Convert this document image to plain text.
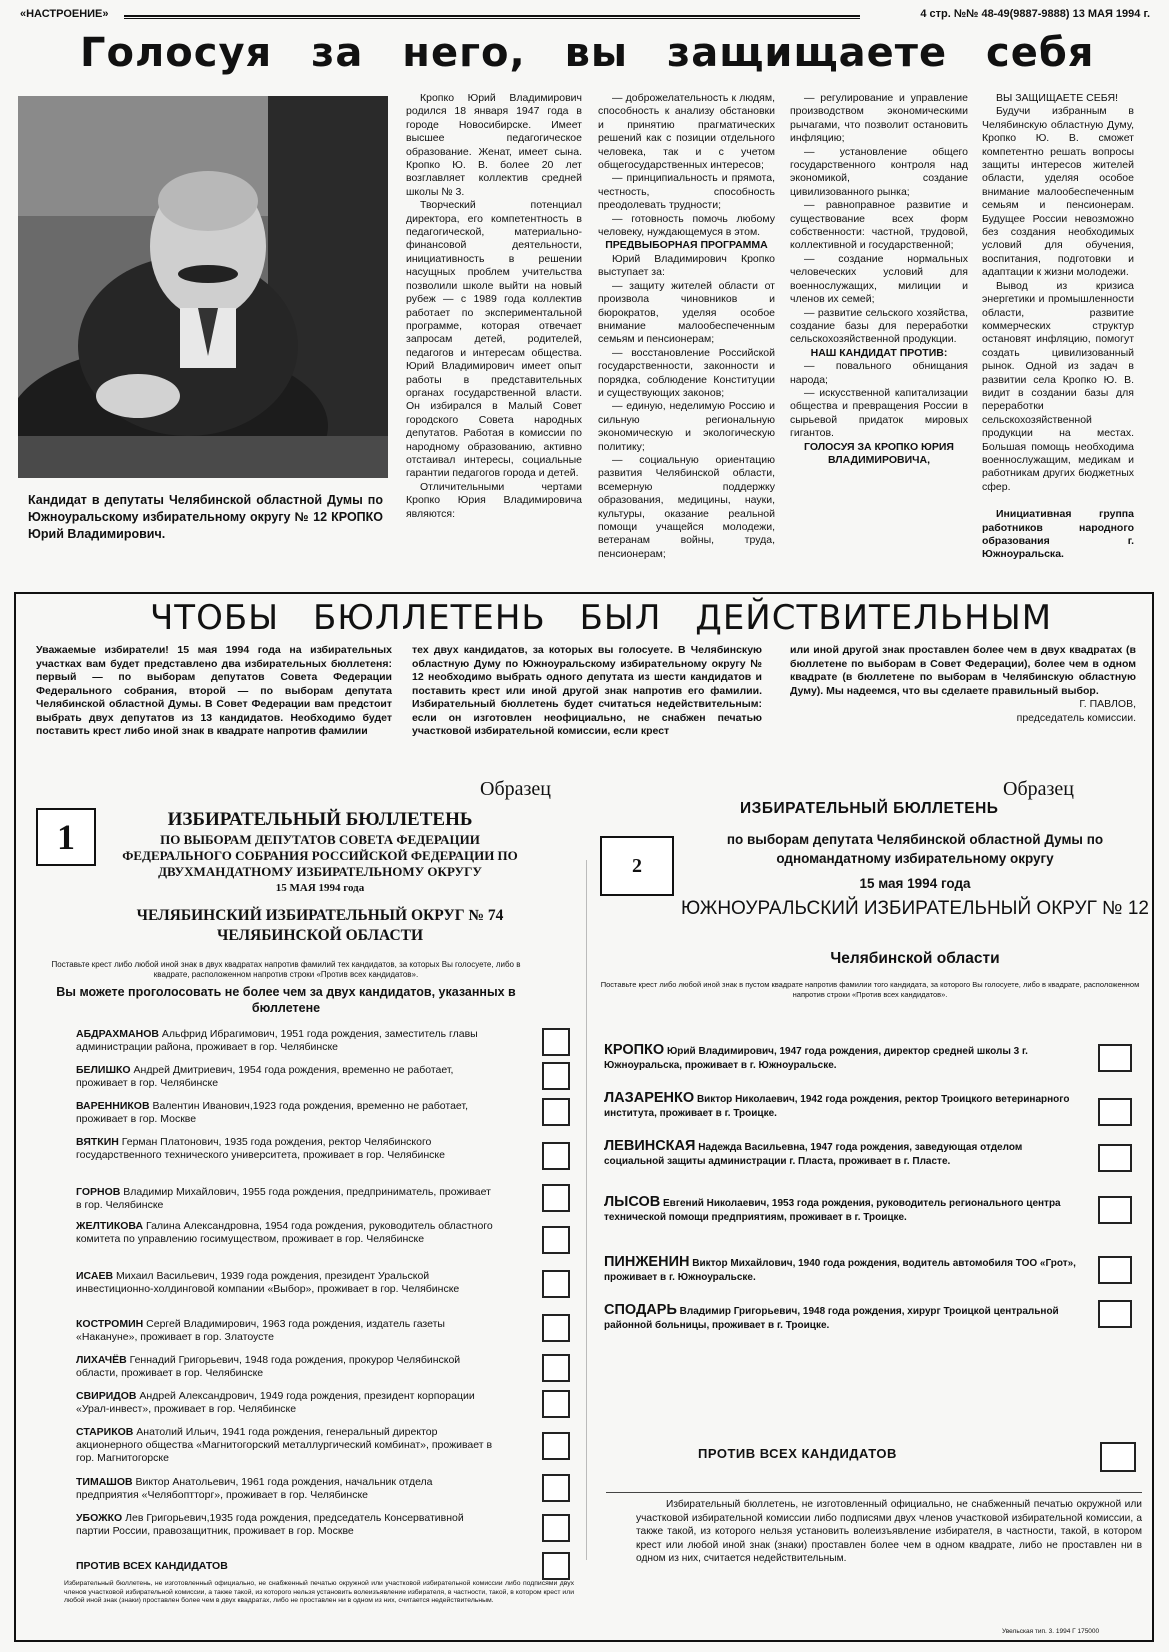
«НАСТРОЕНИЕ»	4 стр. №№ 48-49(9887-9888) 13 МАЯ 1994 г.
Голосуя за него, вы защищаете себя
Кандидат в депутаты Челябинской областной Думы по Южноуральскому избирательному округу № 12 КРОПКО Юрий Владимирович.

Кропко Юрий Владимирович родился 18 января 1947 года в городе Новосибирске. Имеет высшее педагогическое образование. Женат, имеет сына. Кропко Ю. В. более 20 лет возглавляет коллектив средней школы № 3.

Творческий потенциал директора, его компетентность в педагогической, материально-финансовой деятельности, инициативность в решении насущных проблем учительства позволили школе выйти на новый рубеж — с 1989 года коллектив работает по экспериментальной программе, которая отвечает запросам детей, родителей, педагогов и интересам общества. Юрий Владимирович имеет опыт работы в представительных органах государственной власти. Он избирался в Малый Совет городского Совета народных депутатов. Работая в комиссии по народному образованию, активно отстаивал интересы, социальные гарантии педагогов города и детей.

Отличительными чертами Кропко Юрия Владимировича являются:

— доброжелательность к людям, способность к анализу обстановки и принятию прагматических решений как с позиции отдельного человека, так и с учетом общегосударственных интересов;

— принципиальность и прямота, честность, способность преодолевать трудности;

— готовность помочь любому человеку, нуждающемуся в этом.

ПРЕДВЫБОРНАЯ ПРОГРАММА

Юрий Владимирович Кропко выступает за:

— защиту жителей области от произвола чиновников и бюрократов, уделяя особое внимание малообеспеченным семьям и пенсионерам;

— восстановление Российской государственности, законности и порядка, соблюдение Конституции и существующих законов;

— единую, неделимую Россию и сильную региональную экономическую и экологическую политику;

— социальную ориентацию развития Челябинской области, всемерную поддержку образования, медицины, науки, культуры, оказание реальной помощи учащейся молодежи, ветеранам войны, труда, пенсионерам;

— регулирование и управление производством экономическими рычагами, что позволит остановить инфляцию;

— установление общего государственного контроля над экономикой, создание цивилизованного рынка;

— равноправное развитие и существование всех форм собственности: частной, трудовой, коллективной и государственной;

— создание нормальных человеческих условий для военнослужащих, милиции и членов их семей;

— развитие сельского хозяйства, создание базы для переработки сельскохозяйственной продукции.

НАШ КАНДИДАТ ПРОТИВ:

— повального обнищания народа;

— искусственной капитализации общества и превращения России в сырьевой придаток мировых гигантов.

ГОЛОСУЯ ЗА КРОПКО ЮРИЯ ВЛАДИМИРОВИЧА,

ВЫ ЗАЩИЩАЕТЕ СЕБЯ!

Будучи избранным в Челябинскую областную Думу, Кропко Ю. В. сможет компетентно решать вопросы защиты интересов жителей области, уделяя особое внимание малообеспеченным семьям и пенсионерам. Будущее России невозможно без создания необходимых условий для обучения, воспитания, подготовки и адаптации к жизни молодежи.

Вывод из кризиса энергетики и промышленности области, развитие коммерческих структур остановят инфляцию, помогут создать цивилизованный рынок. Одной из задач в развитии села Кропко Ю. В. видит в создании базы для переработки сельскохозяйственной продукции на местах. Большая помощь необходима военнослужащим, медикам и работникам других бюджетных сфер.

Инициативная группа работников народного образования г. Южноуральска.

ЧТОБЫ БЮЛЛЕТЕНЬ БЫЛ ДЕЙСТВИТЕЛЬНЫМ
Уважаемые избиратели! 15 мая 1994 года на избирательных участках вам будет представлено два избирательных бюллетеня: первый — по выборам депутатов Совета Федерации Федерального собрания, второй — по выборам депутата Челябинской областной Думы. В Совет Федерации вам предстоит выбрать двух депутатов из 13 кандидатов. Необходимо будет поставить крест либо иной знак в квадрате напротив фамилии
тех двух кандидатов, за которых вы голосуете. В Челябинскую областную Думу по Южноуральскому избирательному округу № 12 необходимо выбрать одного депутата из шести кандидатов и поставить крест или иной другой знак напротив его фамилии. Избирательный бюллетень будет считаться недействительным: если он изготовлен неофициально, не снабжен печатью участковой избирательной комиссии, если крест
или иной другой знак проставлен более чем в двух квадратах (в бюллетене по выборам в Совет Федерации), более чем в одном квадрате (в бюллетене по выборам в Челябинскую областную Думу). Мы надеемся, что вы сделаете правильный выбор.
Г. ПАВЛОВ,
председатель комиссии.
Образец
1	ИЗБИРАТЕЛЬНЫЙ БЮЛЛЕТЕНЬ
ПО ВЫБОРАМ ДЕПУТАТОВ СОВЕТА ФЕДЕРАЦИИ ФЕДЕРАЛЬНОГО СОБРАНИЯ РОССИЙСКОЙ ФЕДЕРАЦИИ ПО ДВУХМАНДАТНОМУ ИЗБИРАТЕЛЬНОМУ ОКРУГУ
15 МАЯ 1994 года
ЧЕЛЯБИНСКИЙ ИЗБИРАТЕЛЬНЫЙ ОКРУГ № 74 ЧЕЛЯБИНСКОЙ ОБЛАСТИ
Поставьте крест либо любой иной знак в двух квадратах напротив фамилий тех кандидатов, за которых Вы голосуете, либо в квадрате, расположенном напротив строки «Против всех кандидатов».
Вы можете проголосовать не более чем за двух кандидатов, указанных в бюллетене
АБДРАХМАНОВ Альфрид Ибрагимович, 1951 года рождения, заместитель главы администрации района, проживает в гор. Челябинске
БЕЛИШКО Андрей Дмитриевич, 1954 года рождения, временно не работает, проживает в гор. Челябинске
ВАРЕННИКОВ Валентин Иванович,1923 года рождения, временно не работает, проживает в гор. Москве
ВЯТКИН Герман Платонович, 1935 года рождения, ректор Челябинского государственного технического университета, проживает в гор. Челябинске
ГОРНОВ Владимир Михайлович, 1955 года рождения, предприниматель, проживает в гор. Челябинске
ЖЕЛТИКОВА Галина Александровна, 1954 года рождения, руководитель областного комитета по управлению госимуществом, проживает в гор. Челябинске
ИСАЕВ Михаил Васильевич, 1939 года рождения, президент Уральской инвестиционно-холдинговой компании «Выбор», проживает в гор. Челябинске
КОСТРОМИН Сергей Владимирович, 1963 года рождения, издатель газеты «Накануне», проживает в гор. Златоусте
ЛИХАЧЁВ Геннадий Григорьевич, 1948 года рождения, прокурор Челябинской области, проживает в гор. Челябинске
СВИРИДОВ Андрей Александрович, 1949 года рождения, президент корпорации «Урал-инвест», проживает в гор. Челябинске
СТАРИКОВ Анатолий Ильич, 1941 года рождения, генеральный директор акционерного общества «Магнитогорский металлургический комбинат», проживает в гор. Магнитогорске
ТИМАШОВ Виктор Анатольевич, 1961 года рождения, начальник отдела предприятия «Челябоптторг», проживает в гор. Челябинске
УБОЖКО Лев Григорьевич,1935 года рождения, председатель Консервативной партии России, правозащитник, проживает в гор. Москве
ПРОТИВ ВСЕХ КАНДИДАТОВ
Избирательный бюллетень, не изготовленный официально, не снабженный печатью окружной или участковой избирательной комиссии либо подписями двух членов участковой избирательной комиссии, а также такой, из которого нельзя установить волеизъявление избирателя, в частности, такой, в котором крест или любой иной знак (знаки) проставлен более чем в двух квадратах, либо не проставлен ни в одном из них, считается недействительным.
Образец
ИЗБИРАТЕЛЬНЫЙ БЮЛЛЕТЕНЬ
2
по выборам депутата Челябинской областной Думы по одномандатному избирательному округу
15 мая 1994 года
ЮЖНОУРАЛЬСКИЙ ИЗБИРАТЕЛЬНЫЙ ОКРУГ № 12
Челябинской области
Поставьте крест либо любой иной знак в пустом квадрате напротив фамилии того кандидата, за которого Вы голосуете, либо в квадрате, расположенном напротив строки «Против всех кандидатов».
КРОПКО Юрий Владимирович, 1947 года рождения, директор средней школы 3 г. Южноуральска, проживает в г. Южноуральске.
ЛАЗАРЕНКО Виктор Николаевич, 1942 года рождения, ректор Троицкого ветеринарного института, проживает в г. Троицке.
ЛЕВИНСКАЯ Надежда Васильевна, 1947 года рождения, заведующая отделом социальной защиты администрации г. Пласта, проживает в г. Пласте.
ЛЫСОВ Евгений Николаевич, 1953 года рождения, руководитель регионального центра технической помощи предприятиям, проживает в г. Троицке.
ПИНЖЕНИН Виктор Михайлович, 1940 года рождения, водитель автомобиля ТОО «Грот», проживает в г. Южноуральске.
СПОДАРЬ Владимир Григорьевич, 1948 года рождения, хирург Троицкой центральной районной больницы, проживает в г. Троицке.
ПРОТИВ ВСЕХ КАНДИДАТОВ
Избирательный бюллетень, не изготовленный официально, не снабженный печатью окружной или участковой избирательной комиссии либо подписями двух членов участковой избирательной комиссии, а также такой, из которого нельзя установить волеизъявление избирателя, в частности, такой, в котором крест или любой иной знак (знаки) проставлен более чем в одном квадрате, либо не проставлен ни в одном из них, считается недействительным.
Увельская тип. 3. 1994 Г 175000
